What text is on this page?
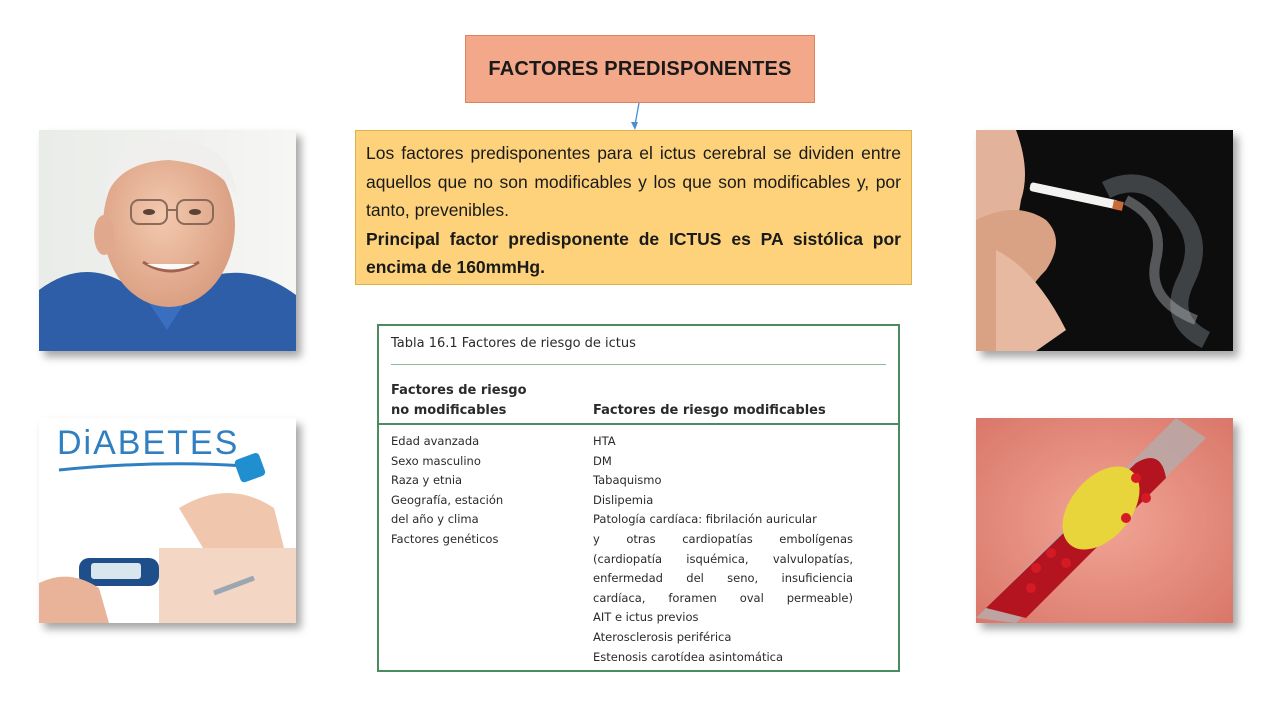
FACTORES PREDISPONENTES

Los factores predisponentes para el ictus cerebral se dividen entre aquellos que no son modificables y los que son modificables y, por tanto, prevenibles.

Principal factor predisponente de ICTUS es PA sistólica por encima de 160mmHg.

DiABETES
Tabla 16.1 Factores de riesgo de ictus
Factores de riesgo
no modificables	Factores de riesgo modificables
Edad avanzada
Sexo masculino
Raza y etnia
Geografía, estación
del año y clima
Factores genéticos
HTA
DM
Tabaquismo
Dislipemia
Patología cardíaca: fibrilación auricular
y otras cardiopatías embolígenas
(cardiopatía isquémica, valvulopatías,
enfermedad del seno, insuficiencia
cardíaca, foramen oval permeable)
AIT e ictus previos
Aterosclerosis periférica
Estenosis carotídea asintomática
